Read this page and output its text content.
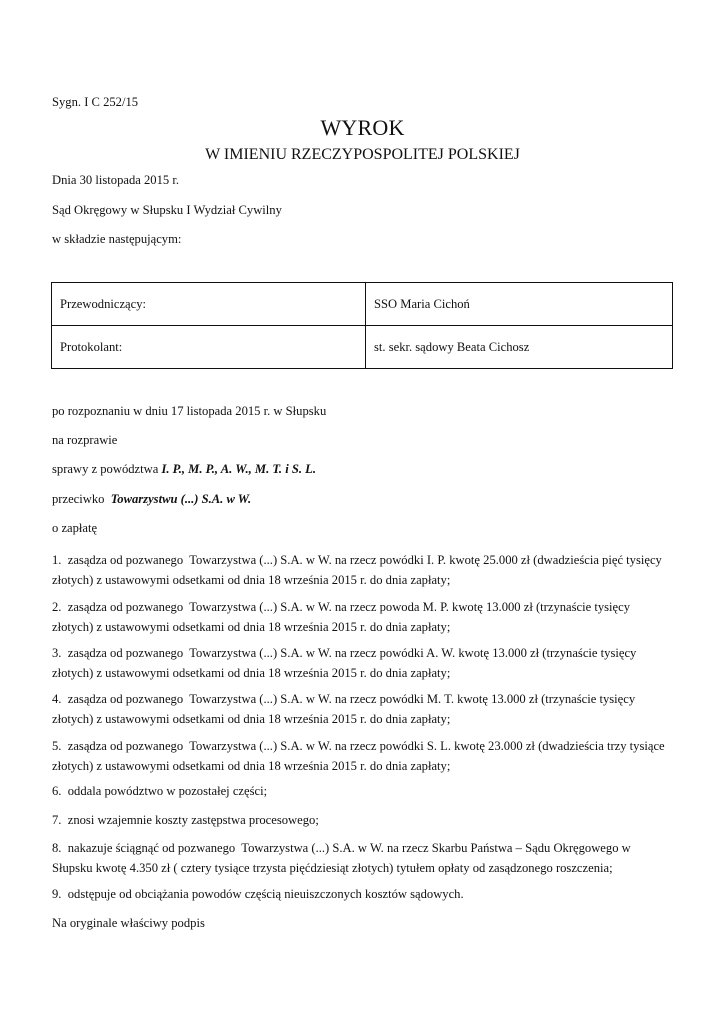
Sygn. I C 252/15
WYROK
W IMIENIU RZECZYPOSPOLITEJ POLSKIEJ
Dnia 30 listopada 2015 r.
Sąd Okręgowy w Słupsku I Wydział Cywilny
w składzie następującym:
Przewodniczący:	SSO Maria Cichoń
Protokolant:	st. sekr. sądowy Beata Cichosz
po rozpoznaniu w dniu 17 listopada 2015 r. w Słupsku
na rozprawie
sprawy z powództwa I. P., M. P., A. W., M. T. i S. L.
przeciwko  Towarzystwu (...) S.A. w W.
o zapłatę
1.  zasądza od pozwanego  Towarzystwa (...) S.A. w W. na rzecz powódki I. P. kwotę 25.000 zł (dwadzieścia pięć tysięcy
złotych) z ustawowymi odsetkami od dnia 18 września 2015 r. do dnia zapłaty;
2.  zasądza od pozwanego  Towarzystwa (...) S.A. w W. na rzecz powoda M. P. kwotę 13.000 zł (trzynaście tysięcy
złotych) z ustawowymi odsetkami od dnia 18 września 2015 r. do dnia zapłaty;
3.  zasądza od pozwanego  Towarzystwa (...) S.A. w W. na rzecz powódki A. W. kwotę 13.000 zł (trzynaście tysięcy
złotych) z ustawowymi odsetkami od dnia 18 września 2015 r. do dnia zapłaty;
4.  zasądza od pozwanego  Towarzystwa (...) S.A. w W. na rzecz powódki M. T. kwotę 13.000 zł (trzynaście tysięcy
złotych) z ustawowymi odsetkami od dnia 18 września 2015 r. do dnia zapłaty;
5.  zasądza od pozwanego  Towarzystwa (...) S.A. w W. na rzecz powódki S. L. kwotę 23.000 zł (dwadzieścia trzy tysiące
złotych) z ustawowymi odsetkami od dnia 18 września 2015 r. do dnia zapłaty;
6.  oddala powództwo w pozostałej części;
7.  znosi wzajemnie koszty zastępstwa procesowego;
8.  nakazuje ściągnąć od pozwanego  Towarzystwa (...) S.A. w W. na rzecz Skarbu Państwa – Sądu Okręgowego w
Słupsku kwotę 4.350 zł ( cztery tysiące trzysta pięćdziesiąt złotych) tytułem opłaty od zasądzonego roszczenia;
9.  odstępuje od obciążania powodów częścią nieuiszczonych kosztów sądowych.
Na oryginale właściwy podpis
